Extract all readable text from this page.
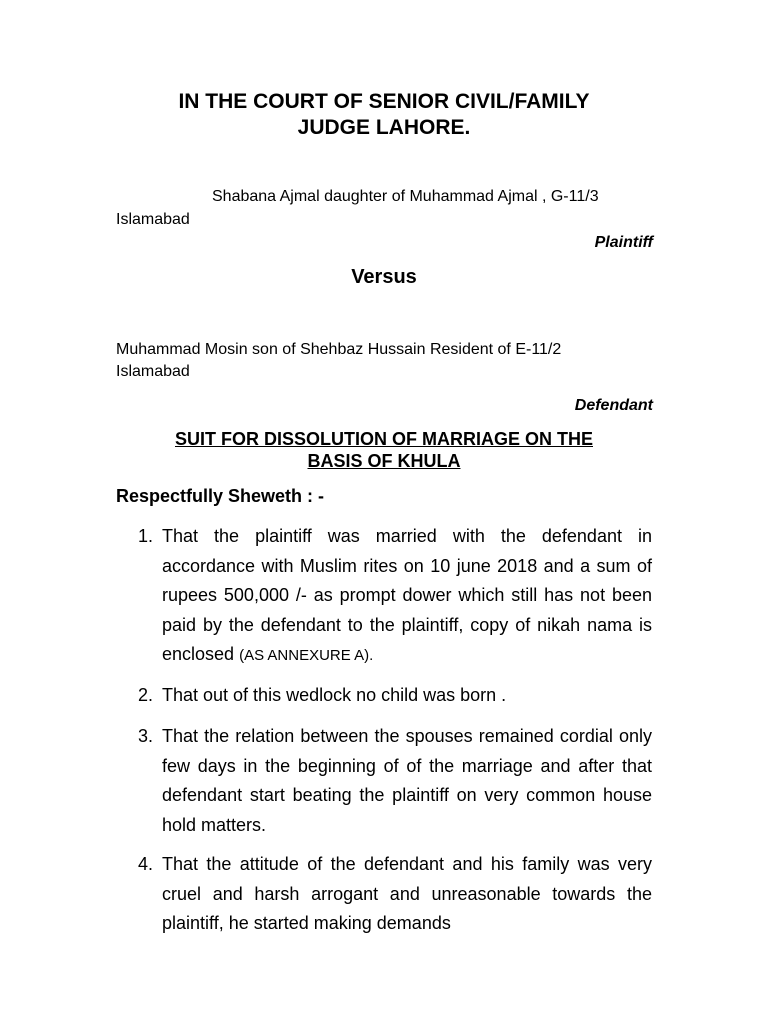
IN THE COURT OF SENIOR CIVIL/FAMILY
JUDGE LAHORE.
Shabana Ajmal daughter of Muhammad Ajmal , G-11/3
Islamabad
Plaintiff
Versus
Muhammad Mosin son of Shehbaz Hussain Resident of E-11/2
Islamabad
Defendant
SUIT FOR DISSOLUTION OF MARRIAGE ON THE
BASIS OF KHULA
Respectfully Sheweth : -
1. That the plaintiff was married with the defendant in accordance with Muslim rites on 10 june 2018 and a sum of rupees 500,000 /- as prompt dower which still has not been paid by the defendant to the plaintiff, copy of nikah nama is enclosed (AS ANNEXURE A).

2. That out of this wedlock no child was born .

3. That the relation between the spouses remained cordial only few days in the beginning of of the marriage and after that defendant start beating the plaintiff on very common house hold matters.

4. That the attitude of the defendant and his family was very cruel and harsh arrogant and unreasonable towards the plaintiff, he started making demands
